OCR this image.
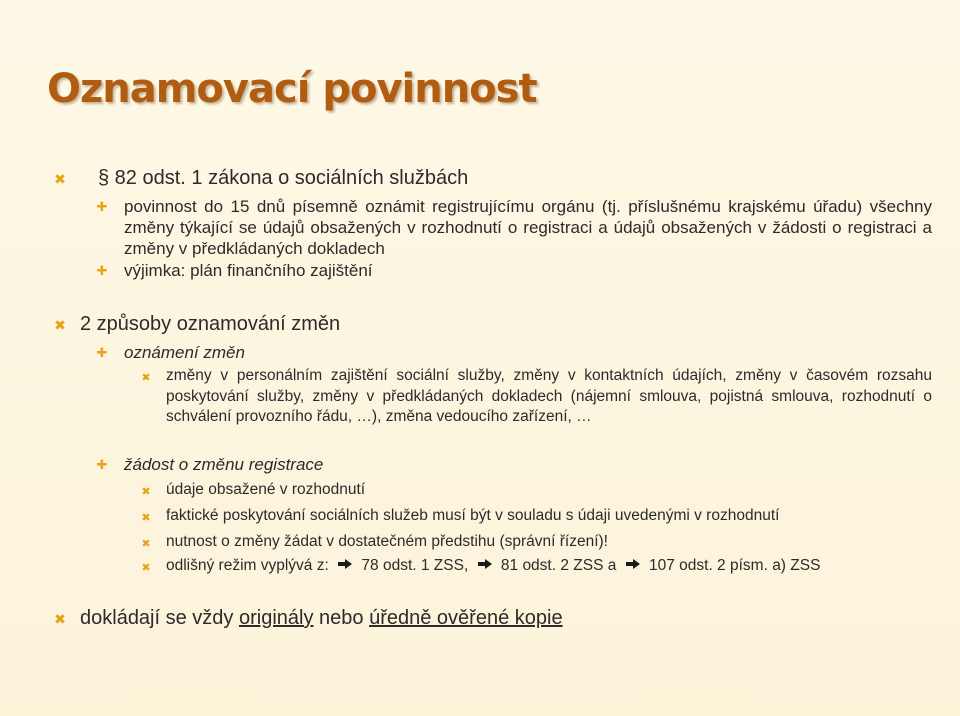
Oznamovací povinnost
✖	§ 82 odst. 1 zákona o sociálních službách
✚ povinnost do 15 dnů písemně oznámit registrujícímu orgánu (tj. příslušnému krajskému úřadu) všechny změny týkající se údajů obsažených v rozhodnutí o registraci a údajů obsažených v žádosti o registraci a změny v předkládaných dokladech
✚ výjimka: plán finančního zajištění
✖ 2 způsoby oznamování změn
✚ oznámení změn
✖ změny v personálním zajištění sociální služby, změny v kontaktních údajích, změny v časovém rozsahu poskytování služby, změny v předkládaných dokladech (nájemní smlouva, pojistná smlouva, rozhodnutí o schválení provozního řádu, …), změna vedoucího zařízení, …
✚ žádost o změnu registrace
✖ údaje obsažené v rozhodnutí
✖ faktické poskytování sociálních služeb musí být v souladu s údaji uvedenými v rozhodnutí
✖ nutnost o změny žádat v dostatečném předstihu (správní řízení)!
✖ odlišný režim vyplývá z: 78 odst. 1 ZSS, 81 odst. 2 ZSS a 107 odst. 2 písm. a) ZSS
✖ dokládají se vždy originály nebo úředně ověřené kopie
